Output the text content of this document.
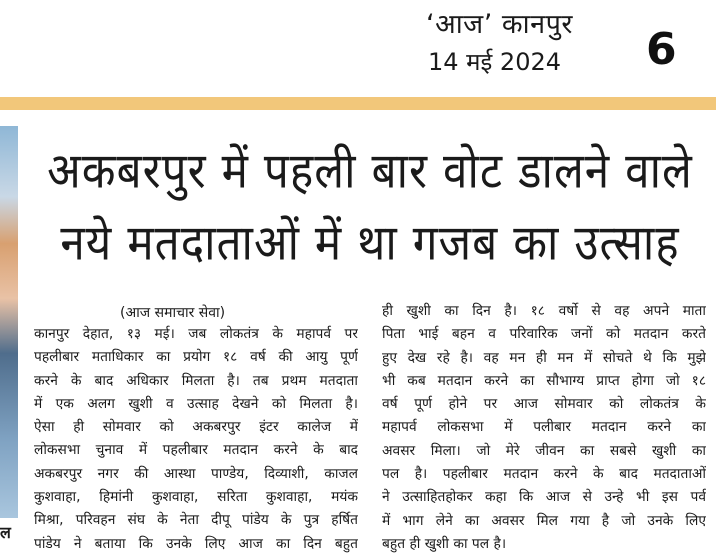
‘आज’ कानपुर
14 मई 2024 6
ल
अकबरपुर में पहली बार वोट डालने वाले
नये मतदाताओं में था गजब का उत्साह
(आज समाचार सेवा)
कानपुर देहात, १३ मई। जब लोकतंत्र के महापर्व पर
पहलीबार मताधिकार का प्रयोग १८ वर्ष की आयु पूर्ण
करने के बाद अधिकार मिलता है। तब प्रथम मतदाता
में एक अलग खुशी व उत्साह देखने को मिलता है।
ऐसा ही सोमवार को अकबरपुर इंटर कालेज में
लोकसभा चुनाव में पहलीबार मतदान करने के बाद
अकबरपुर नगर की आस्था पाण्डेय, दिव्याशी, काजल
कुशवाहा, हिमांनी कुशवाहा, सरिता कुशवाहा, मयंक
मिश्रा, परिवहन संघ के नेता दीपू पांडेय के पुत्र हर्षित
पांडेय ने बताया कि उनके लिए आज का दिन बहुत
ही खुशी का दिन है। १८ वर्षो से वह अपने माता
पिता भाई बहन व परिवारिक जनों को मतदान करते
हुए देख रहे है। वह मन ही मन में सोचते थे कि मुझे
भी कब मतदान करने का सौभाग्य प्राप्त होगा जो १८
वर्ष पूर्ण होने पर आज सोमवार को लोकतंत्र के
महापर्व लोकसभा में पलीबार मतदान करने का
अवसर मिला। जो मेरे जीवन का सबसे खुशी का
पल है। पहलीबार मतदान करने के बाद मतदाताओं
ने उत्साहितहोकर कहा कि आज से उन्हे भी इस पर्व
में भाग लेने का अवसर मिल गया है जो उनके लिए
बहुत ही खुशी का पल है।
